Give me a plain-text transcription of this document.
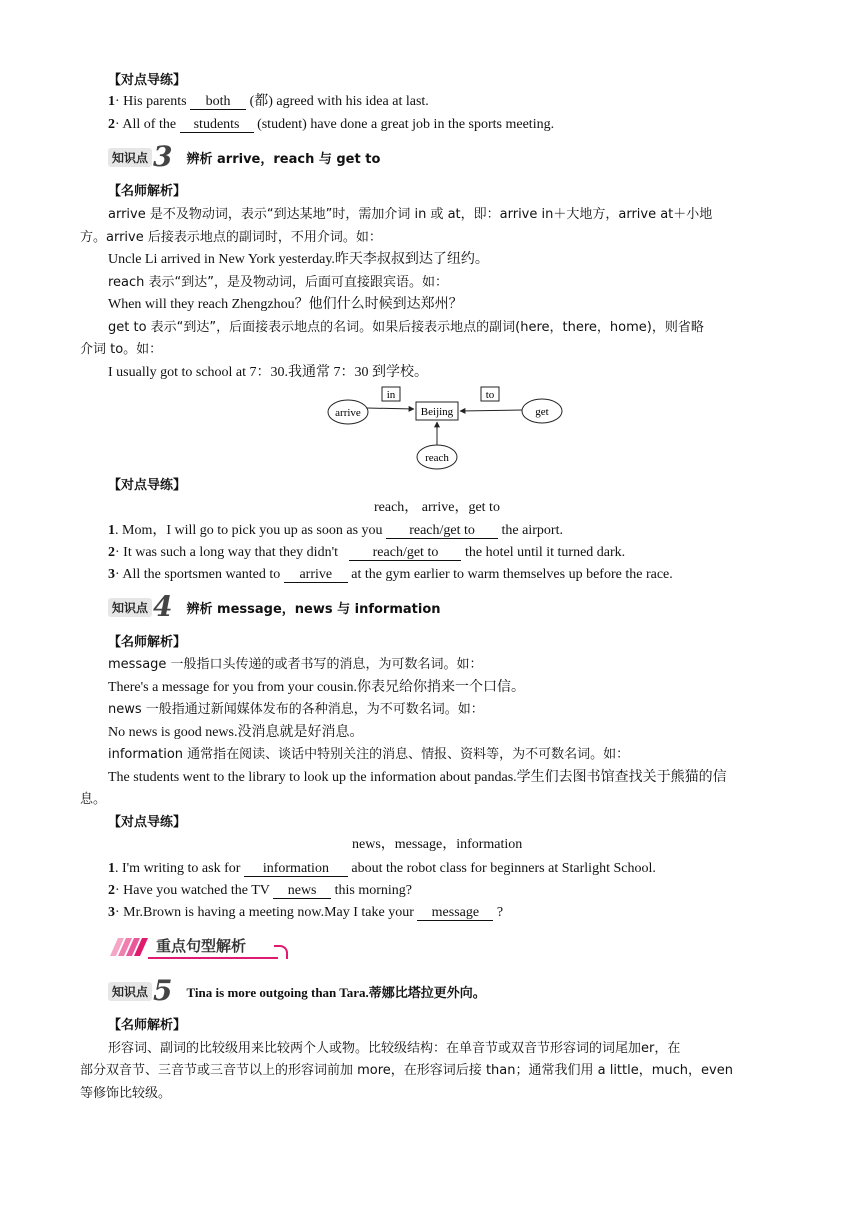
【对点导练】
1· His parents both (都) agreed with his idea at last.
2· All of the students (student) have done a great job in the sports meeting.
知识点 3 辨析 arrive，reach 与 get to
【名师解析】
arrive 是不及物动词，表示“到达某地”时，需加介词 in 或 at，即：arrive in＋大地方，arrive at＋小地
方。arrive 后接表示地点的副词时，不用介词。如：
Uncle Li arrived in New York yesterday.昨天李叔叔到达了纽约。
reach 表示“到达”，是及物动词，后面可直接跟宾语。如：
When will they reach Zhengzhou？他们什么时候到达郑州？
get to 表示“到达”，后面接表示地点的名词。如果后接表示地点的副词(here，there，home)，则省略
介词 to。如：
I usually got to school at 7：30.我通常 7：30 到学校。
arrive
in
Beijing
to
get
reach
【对点导练】
reach， arrive，get to
1. Mom，I will go to pick you up as soon as you reach/get to the airport.
2· It was such a long way that they didn't reach/get to the hotel until it turned dark.
3· All the sportsmen wanted to arrive at the gym earlier to warm themselves up before the race.
知识点 4 辨析 message，news 与 information
【名师解析】
message 一般指口头传递的或者书写的消息，为可数名词。如：
There's a message for you from your cousin.你表兄给你捎来一个口信。
news 一般指通过新闻媒体发布的各种消息，为不可数名词。如：
No news is good news.没消息就是好消息。
information 通常指在阅读、谈话中特别关注的消息、情报、资料等，为不可数名词。如：
The students went to the library to look up the information about pandas.学生们去图书馆查找关于熊猫的信
息。
【对点导练】
news，message，information
1. I'm writing to ask for information about the robot class for beginners at Starlight School.
2· Have you watched the TV news this morning?
3· Mr.Brown is having a meeting now.May I take your message ?
重点句型解析
知识点 5 Tina is more outgoing than Tara.蒂娜比塔拉更外向。
【名师解析】
形容词、副词的比较级用来比较两个人或物。比较级结构：在单音节或双音节形容词的词尾加er，在
部分双音节、三音节或三音节以上的形容词前加 more，在形容词后接 than；通常我们用 a little，much，even
等修饰比较级。
